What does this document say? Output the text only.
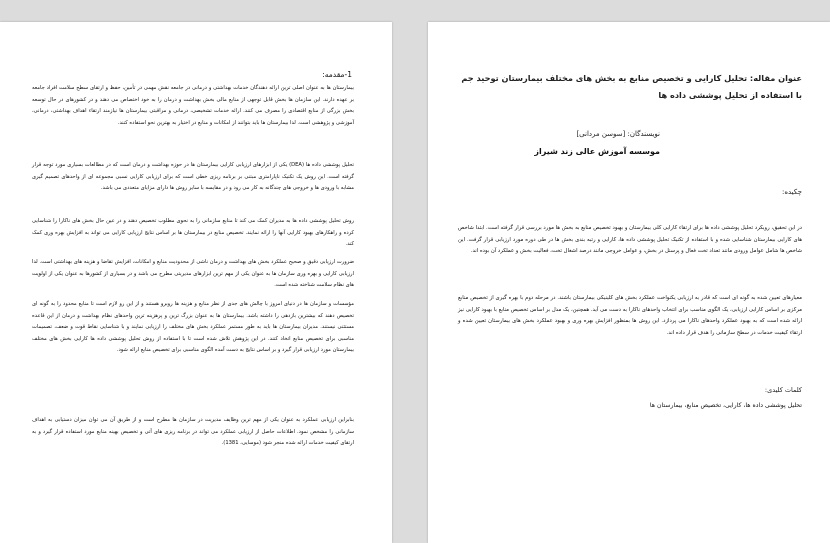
1-مقدمه:
بیمارستان ها به عنوان اصلی ترین ارائه دهندگان خدمات بهداشتی و درمانی در جامعه نقش مهمی در تأمین، حفظ و ارتقای سطح سلامت افراد جامعه بر عهده دارند. این سازمان ها بخش قابل توجهی از منابع مالی بخش بهداشت و درمان را به خود اختصاص می دهند و در کشورهای در حال توسعه بخش بزرگی از منابع اقتصادی را مصرف می کنند. ارائه خدمات تشخیصی، درمانی و مراقبتی بیمارستان ها نیازمند ارتقاء اهداف بهداشتی، درمانی، آموزشی و پژوهشی است. لذا بیمارستان ها باید بتوانند از امکانات و منابع در اختیار به بهترین نحو استفاده کنند.
تحلیل پوششی داده ها (DEA) یکی از ابزارهای ارزیابی کارایی بیمارستان ها در حوزه بهداشت و درمان است که در مطالعات بسیاری مورد توجه قرار گرفته است. این روش یک تکنیک ناپارامتری مبتنی بر برنامه ریزی خطی است که برای ارزیابی کارایی نسبی مجموعه ای از واحدهای تصمیم گیری مشابه با ورودی ها و خروجی های چندگانه به کار می رود و در مقایسه با سایر روش ها دارای مزایای متعددی می باشد.
روش تحلیل پوششی داده ها به مدیران کمک می کند تا منابع سازمانی را به نحوی مطلوب تخصیص دهند و در عین حال بخش های ناکارا را شناسایی کرده و راهکارهای بهبود کارایی آنها را ارائه نمایند. تخصیص منابع در بیمارستان ها بر اساس نتایج ارزیابی کارایی می تواند به افزایش بهره وری کمک کند.
ضرورت ارزیابی دقیق و صحیح عملکرد بخش های بهداشت و درمان ناشی از محدودیت منابع و امکانات، افزایش تقاضا و هزینه های بهداشتی است. لذا ارزیابی کارایی و بهره وری سازمان ها به عنوان یکی از مهم ترین ابزارهای مدیریتی مطرح می باشد و در بسیاری از کشورها به عنوان یکی از اولویت های نظام سلامت شناخته شده است.
مؤسسات و سازمان ها در دنیای امروز با چالش های جدی از نظر منابع و هزینه ها روبرو هستند و از این رو لازم است تا منابع محدود را به گونه ای تخصیص دهند که بیشترین بازدهی را داشته باشد. بیمارستان ها به عنوان بزرگ ترین و پرهزینه ترین واحدهای نظام بهداشت و درمان از این قاعده مستثنی نیستند. مدیران بیمارستان ها باید به طور مستمر عملکرد بخش های مختلف را ارزیابی نمایند و با شناسایی نقاط قوت و ضعف، تصمیمات مناسبی برای تخصیص منابع اتخاذ کنند. در این پژوهش تلاش شده است تا با استفاده از روش تحلیل پوششی داده ها کارایی بخش های مختلف بیمارستان مورد ارزیابی قرار گیرد و بر اساس نتایج به دست آمده الگوی مناسبی برای تخصیص منابع ارائه شود.
بنابراین ارزیابی عملکرد به عنوان یکی از مهم ترین وظایف مدیریت در سازمان ها مطرح است و از طریق آن می توان میزان دستیابی به اهداف سازمانی را مشخص نمود. اطلاعات حاصل از ارزیابی عملکرد می تواند در برنامه ریزی های آتی و تخصیص بهینه منابع مورد استفاده قرار گیرد و به ارتقای کیفیت خدمات ارائه شده منجر شود (موسایی، 1381).
عنوان مقاله: تحلیل کارایی و تخصیص منابع به بخش های مختلف بیمارستان توحید جم با استفاده از تحلیل پوششی داده ها
نویسندگان: [سوسن مردانی]
موسسه آموزش عالی زند شیراز
چکیده:
در این تحقیق، رویکرد تحلیل پوششی داده ها برای ارتقاء کارایی کلی بیمارستان و بهبود تخصیص منابع به بخش ها مورد بررسی قرار گرفته است. ابتدا شاخص های کارایی بیمارستان شناسایی شده و با استفاده از تکنیک تحلیل پوششی داده ها، کارایی و رتبه بندی بخش ها در طی دوره مورد ارزیابی قرار گرفت. این شاخص ها شامل عوامل ورودی مانند تعداد تخت فعال و پرسنل در بخش، و عوامل خروجی مانند درصد اشغال تخت، فعالیت بخش و عملکرد آن بوده اند.
معیارهای تعیین شده به گونه ای است که قادر به ارزیابی یکنواخت عملکرد بخش های کلینیکی بیمارستان باشند. در مرحله دوم با بهره گیری از تخصیص منابع مرکزی بر اساس کارایی ارزیابی، یک الگوی مناسب برای انتخاب واحدهای ناکارا به دست می آید. همچنین، یک مدل بر اساس تخصیص منابع با بهبود کارایی نیز ارائه شده است که به بهبود عملکرد واحدهای ناکارا می پردازد. این روش ها بمنظور افزایش بهره وری و بهبود عملکرد بخش های بیمارستان تعیین شده و ارتقاء کیفیت خدمات در سطح سازمانی را هدف قرار داده اند.
کلمات کلیدی:
تحلیل پوششی داده ها، کارایی، تخصیص منابع، بیمارستان ها
